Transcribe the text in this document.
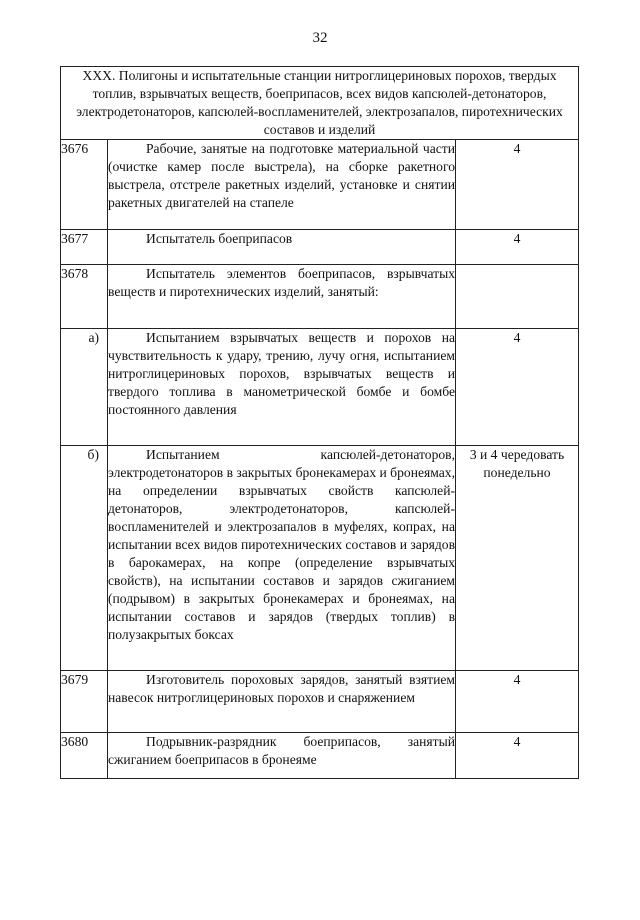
32
XXX. Полигоны и испытательные станции нитроглицериновых порохов, твердых топлив, взрывчатых веществ, боеприпасов, всех видов капсюлей-детонаторов, электродетонаторов, капсюлей-воспламенителей, электрозапалов, пиротехнических составов и изделий		
3676	Рабочие, занятые на подготовке материальной части (очистке камер после выстрела), на сборке ракетного выстрела, отстреле ракетных изделий, установке и снятии ракетных двигателей на стапеле	4
3677	Испытатель боеприпасов	4
3678	Испытатель элементов боеприпасов, взрывчатых веществ и пиротехнических изделий, занятый:	

а)	Испытанием взрывчатых веществ и порохов на чувствительность к удару, трению, лучу огня, испытанием нитроглицериновых порохов, взрывчатых веществ и твердого топлива в манометрической бомбе и бомбе постоянного давления	4
б)	Испытанием капсюлей-детонаторов, электродетонаторов в закрытых бронекамерах и бронеямах, на определении взрывчатых свойств капсюлей-детонаторов, электродетонаторов, капсюлей-воспламенителей и электрозапалов в муфелях, копрах, на испытании всех видов пиротехнических составов и зарядов в барокамерах, на копре (определение взрывчатых свойств), на испытании составов и зарядов сжиганием (подрывом) в закрытых бронекамерах и бронеямах, на испытании составов и зарядов (твердых топлив) в полузакрытых боксах	3 и 4 чередовать понедельно
3679	Изготовитель пороховых зарядов, занятый взятием навесок нитроглицериновых порохов и снаряжением	4
3680	Подрывник-разрядник боеприпасов, занятый сжиганием боеприпасов в бронеяме	4
